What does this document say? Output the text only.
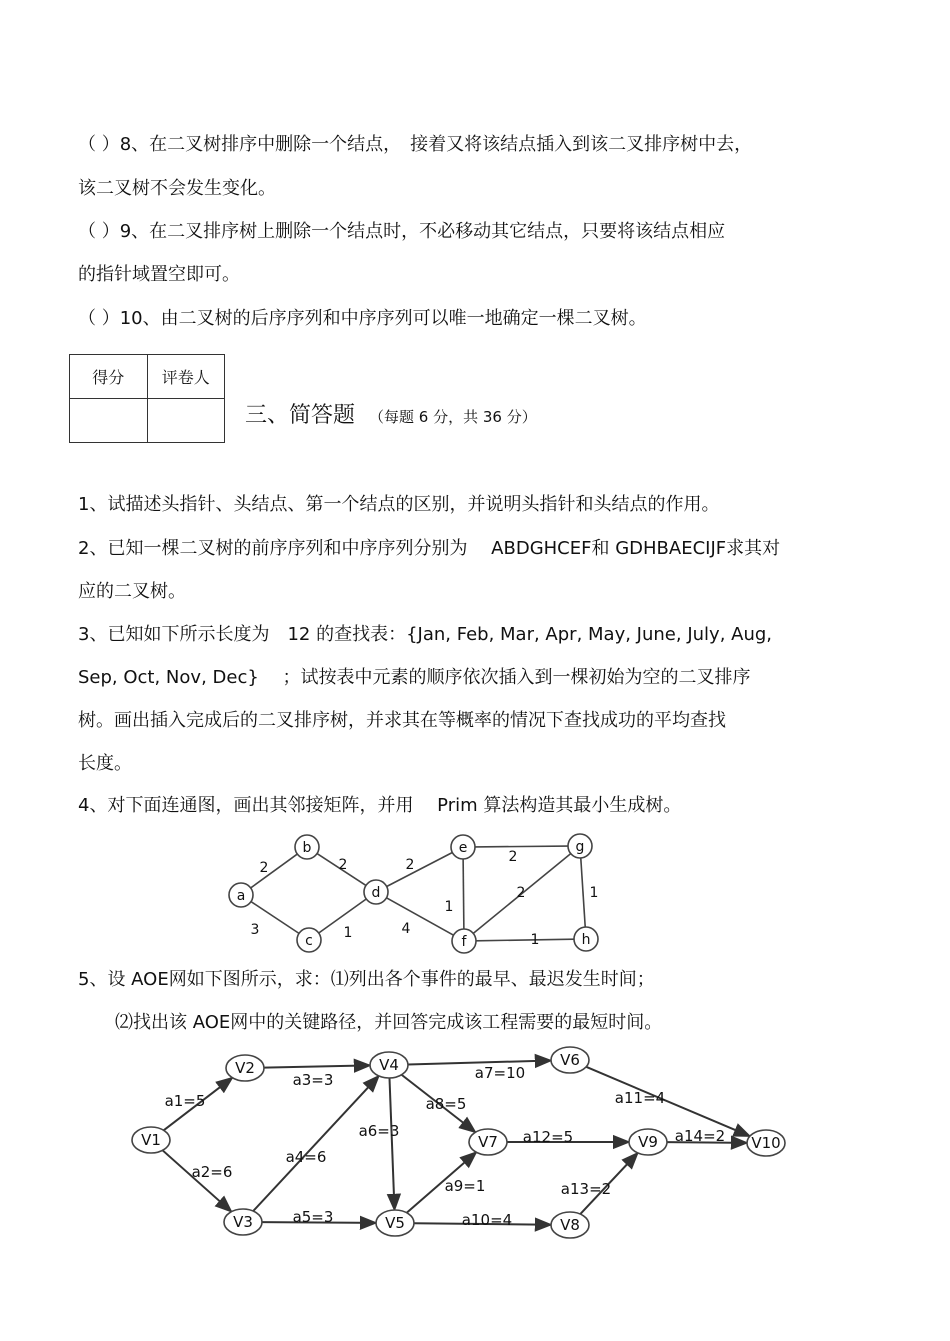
（ ）8、在二叉树排序中删除一个结点，　接着又将该结点插入到该二叉排序树中去，
该二叉树不会发生变化。
（ ）9、在二叉排序树上删除一个结点时，不必移动其它结点，只要将该结点相应
的指针域置空即可。
（ ）10、由二叉树的后序序列和中序序列可以唯一地确定一棵二叉树。
得分	评卷人

三、简答题 （每题 6 分，共 36 分）
1、试描述头指针、头结点、第一个结点的区别，并说明头指针和头结点的作用。
2、已知一棵二叉树的前序序列和中序序列分别为　 ABDGHCEF和 GDHBAECIJF求其对
应的二叉树。
3、已知如下所示长度为　12 的查找表：{Jan, Feb, Mar, Apr, May, June, July, Aug,
Sep, Oct, Nov, Dec}　 ；试按表中元素的顺序依次插入到一棵初始为空的二叉排序
树。画出插入完成后的二叉排序树，并求其在等概率的情况下查找成功的平均查找
长度。
4、对下面连通图，画出其邻接矩阵，并用　 Prim 算法构造其最小生成树。
5、设 AOE网如下图所示，求：⑴列出各个事件的最早、最迟发生时间；
⑵找出该 AOE网中的关键路径，并回答完成该工程需要的最短时间。
2	2
3	1
2
4
1
2
2	1
1
a
b
c
d
e
f
g
h
a1=5
a2=6
a3=3
a4=6
a5=3
a6=3
a7=10
a8=5
a9=1
a10=4
a11=4
a12=5
a13=2
a14=2
V1
V2
V3
V4
V5
V6
V7
V8
V9	V10
